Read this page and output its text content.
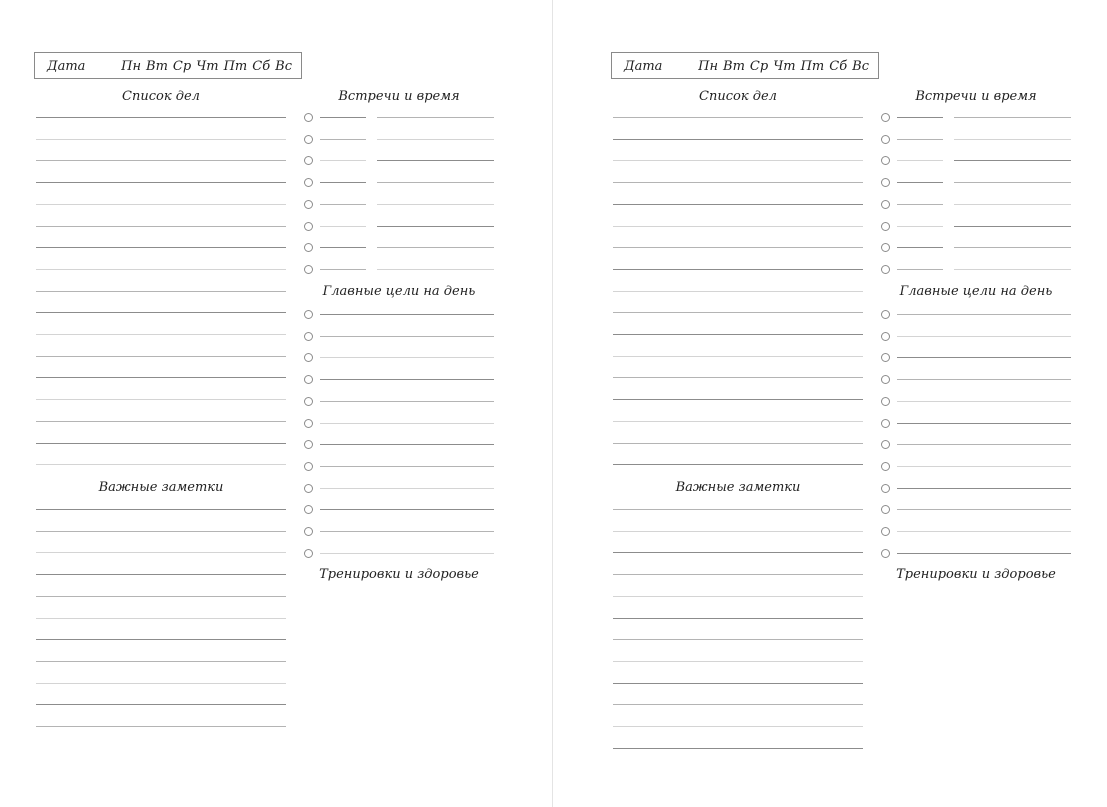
Дата	Пн Вт Ср Чт Пт Сб Вс
Список дел	Встречи и время
Главные цели на день
Важные заметки
Тренировки и здоровье
Дата	Пн Вт Ср Чт Пт Сб Вс
Список дел	Встречи и время
Главные цели на день
Важные заметки
Тренировки и здоровье
